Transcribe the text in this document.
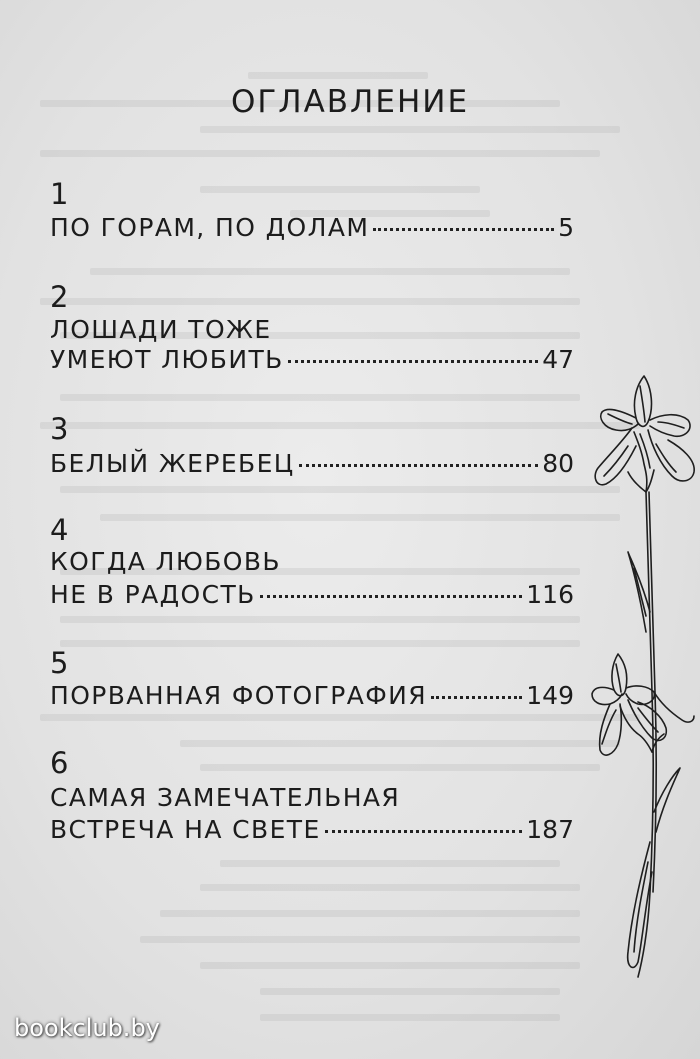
ОГЛАВЛЕНИЕ
1
ПО ГОРАМ, ПО ДОЛАМ	5
2
ЛОШАДИ ТОЖЕ
УМЕЮТ ЛЮБИТЬ	47
3
БЕЛЫЙ ЖЕРЕБЕЦ	80
4
КОГДА ЛЮБОВЬ
НЕ В РАДОСТЬ	116
5
ПОРВАННАЯ ФОТОГРАФИЯ	149
6
САМАЯ ЗАМЕЧАТЕЛЬНАЯ
ВСТРЕЧА НА СВЕТЕ	187
bookclub.by
